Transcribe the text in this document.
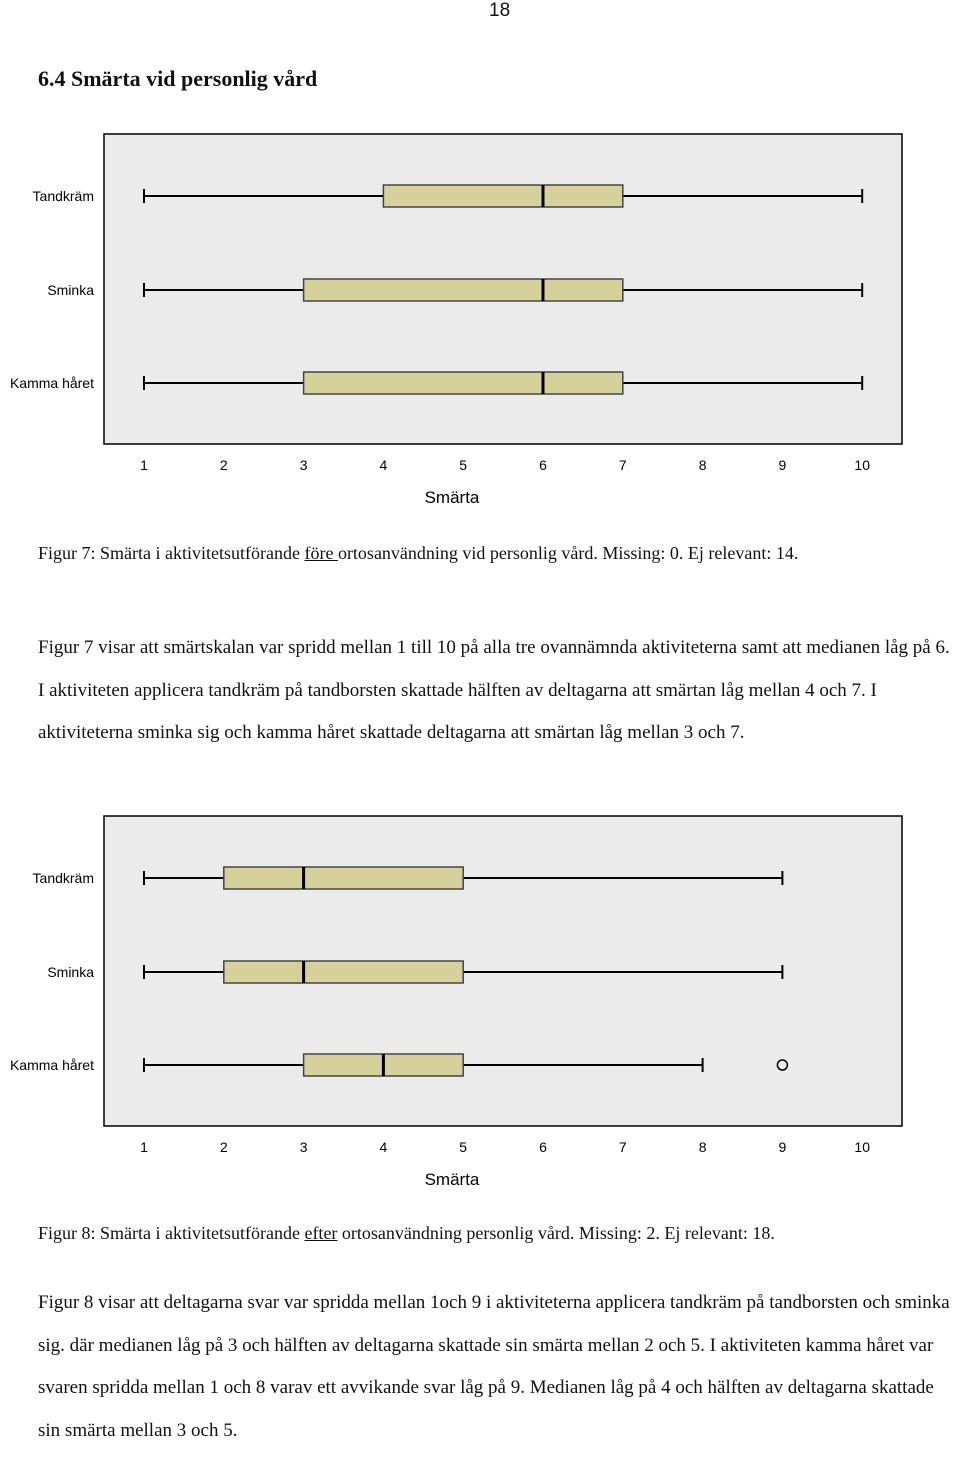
18
6.4 Smärta vid personlig vård
Tandkräm
Sminka
Kamma håret
1	2	3	4	5	6	7	8	9	10
Smärta
Figur 7: Smärta i aktivitetsutförande före ortosanvändning vid personlig vård. Missing: 0. Ej relevant: 14.
Figur 7 visar att smärtskalan var spridd mellan 1 till 10 på alla tre ovannämnda aktiviteterna samt att medianen låg på 6. I aktiviteten applicera tandkräm på tandborsten skattade hälften av deltagarna att smärtan låg mellan 4 och 7. I aktiviteterna sminka sig och kamma håret skattade deltagarna att smärtan låg mellan 3 och 7.
Tandkräm
Sminka
Kamma håret
1	2	3	4	5	6	7	8	9	10
Smärta
Figur 8: Smärta i aktivitetsutförande efter ortosanvändning personlig vård. Missing: 2. Ej relevant: 18.
Figur 8 visar att deltagarna svar var spridda mellan 1och 9 i aktiviteterna applicera tandkräm på tandborsten och sminka sig. där medianen låg på 3 och hälften av deltagarna skattade sin smärta mellan 2 och 5. I aktiviteten kamma håret var svaren spridda mellan 1 och 8 varav ett avvikande svar låg på 9. Medianen låg på 4 och hälften av deltagarna skattade sin smärta mellan 3 och 5.
